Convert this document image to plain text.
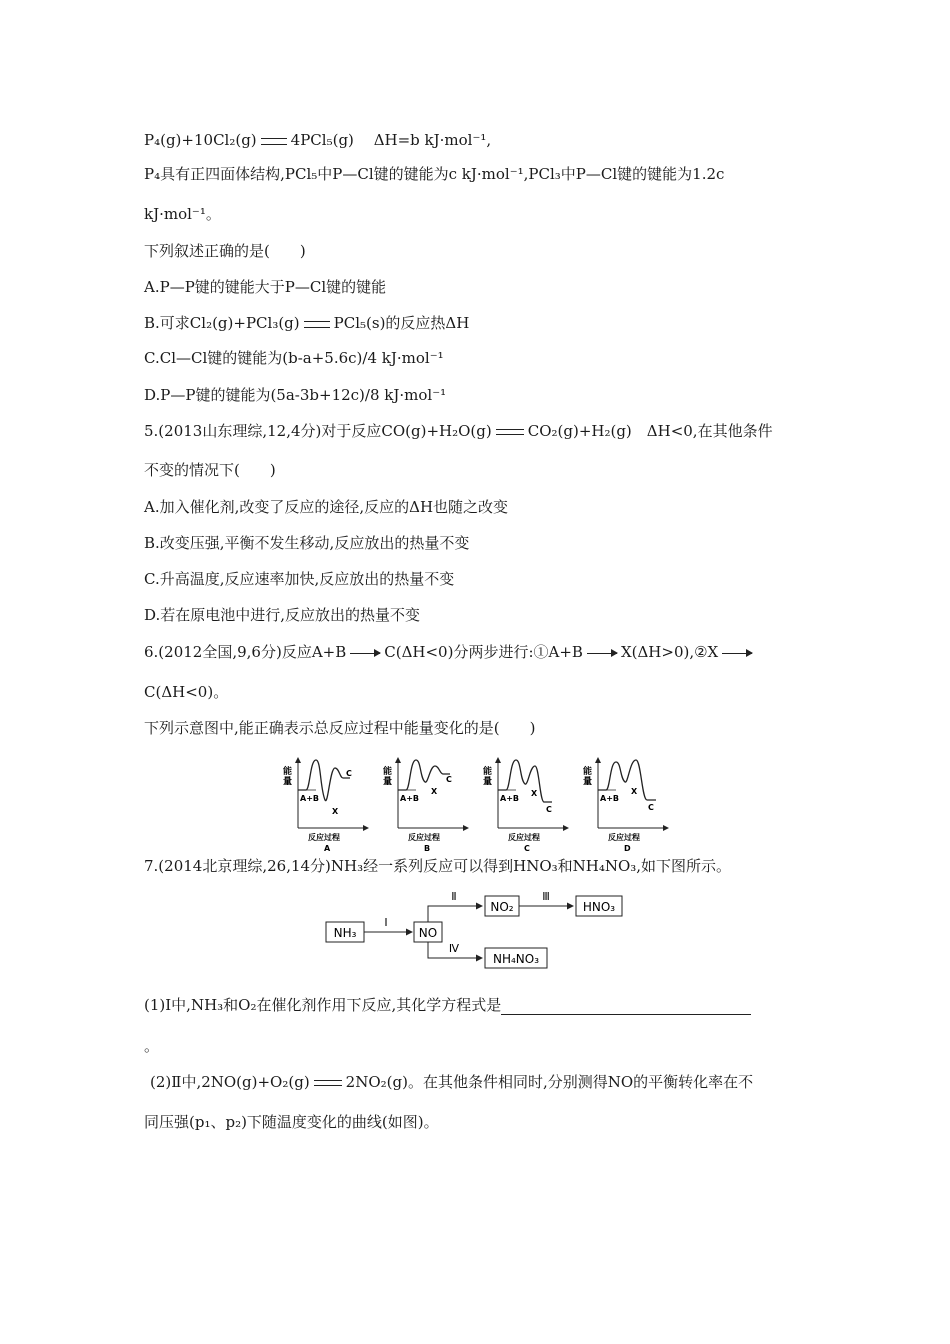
P₄(g)+10Cl₂(g) 4PCl₅(g)　 ΔH=b kJ·mol⁻¹,
P₄具有正四面体结构,PCl₅中P—Cl键的键能为c kJ·mol⁻¹,PCl₃中P—Cl键的键能为1.2c
kJ·mol⁻¹。
下列叙述正确的是(　　)
A.P—P键的键能大于P—Cl键的键能
B.可求Cl₂(g)+PCl₃(g) PCl₅(s)的反应热ΔH
C.Cl—Cl键的键能为(b-a+5.6c)/4 kJ·mol⁻¹
D.P—P键的键能为(5a-3b+12c)/8 kJ·mol⁻¹
5.(2013山东理综,12,4分)对于反应CO(g)+H₂O(g) CO₂(g)+H₂(g)　ΔH<0,在其他条件
不变的情况下(　　)
A.加入催化剂,改变了反应的途径,反应的ΔH也随之改变
B.改变压强,平衡不发生移动,反应放出的热量不变
C.升高温度,反应速率加快,反应放出的热量不变
D.若在原电池中进行,反应放出的热量不变
6.(2012全国,9,6分)反应A+B	C(ΔH<0)分两步进行:①A+B	X(ΔH>0),②X
C(ΔH<0)。
下列示意图中,能正确表示总反应过程中能量变化的是(　　)
能
量
A+B
X
C
反应过程
A
能
量
A+B
X
C
反应过程
B
能
量
A+B
X
C
反应过程
C
能
量
A+B
X
C
反应过程
D
7.(2014北京理综,26,14分)NH₃经一系列反应可以得到HNO₃和NH₄NO₃,如下图所示。
NH₃
Ⅰ
NO
Ⅱ
NO₂
Ⅲ
HNO₃
Ⅳ
NH₄NO₃
(1)Ⅰ中,NH₃和O₂在催化剂作用下反应,其化学方程式是
。
(2)Ⅱ中,2NO(g)+O₂(g) 2NO₂(g)。在其他条件相同时,分别测得NO的平衡转化率在不
同压强(p₁、p₂)下随温度变化的曲线(如图)。
